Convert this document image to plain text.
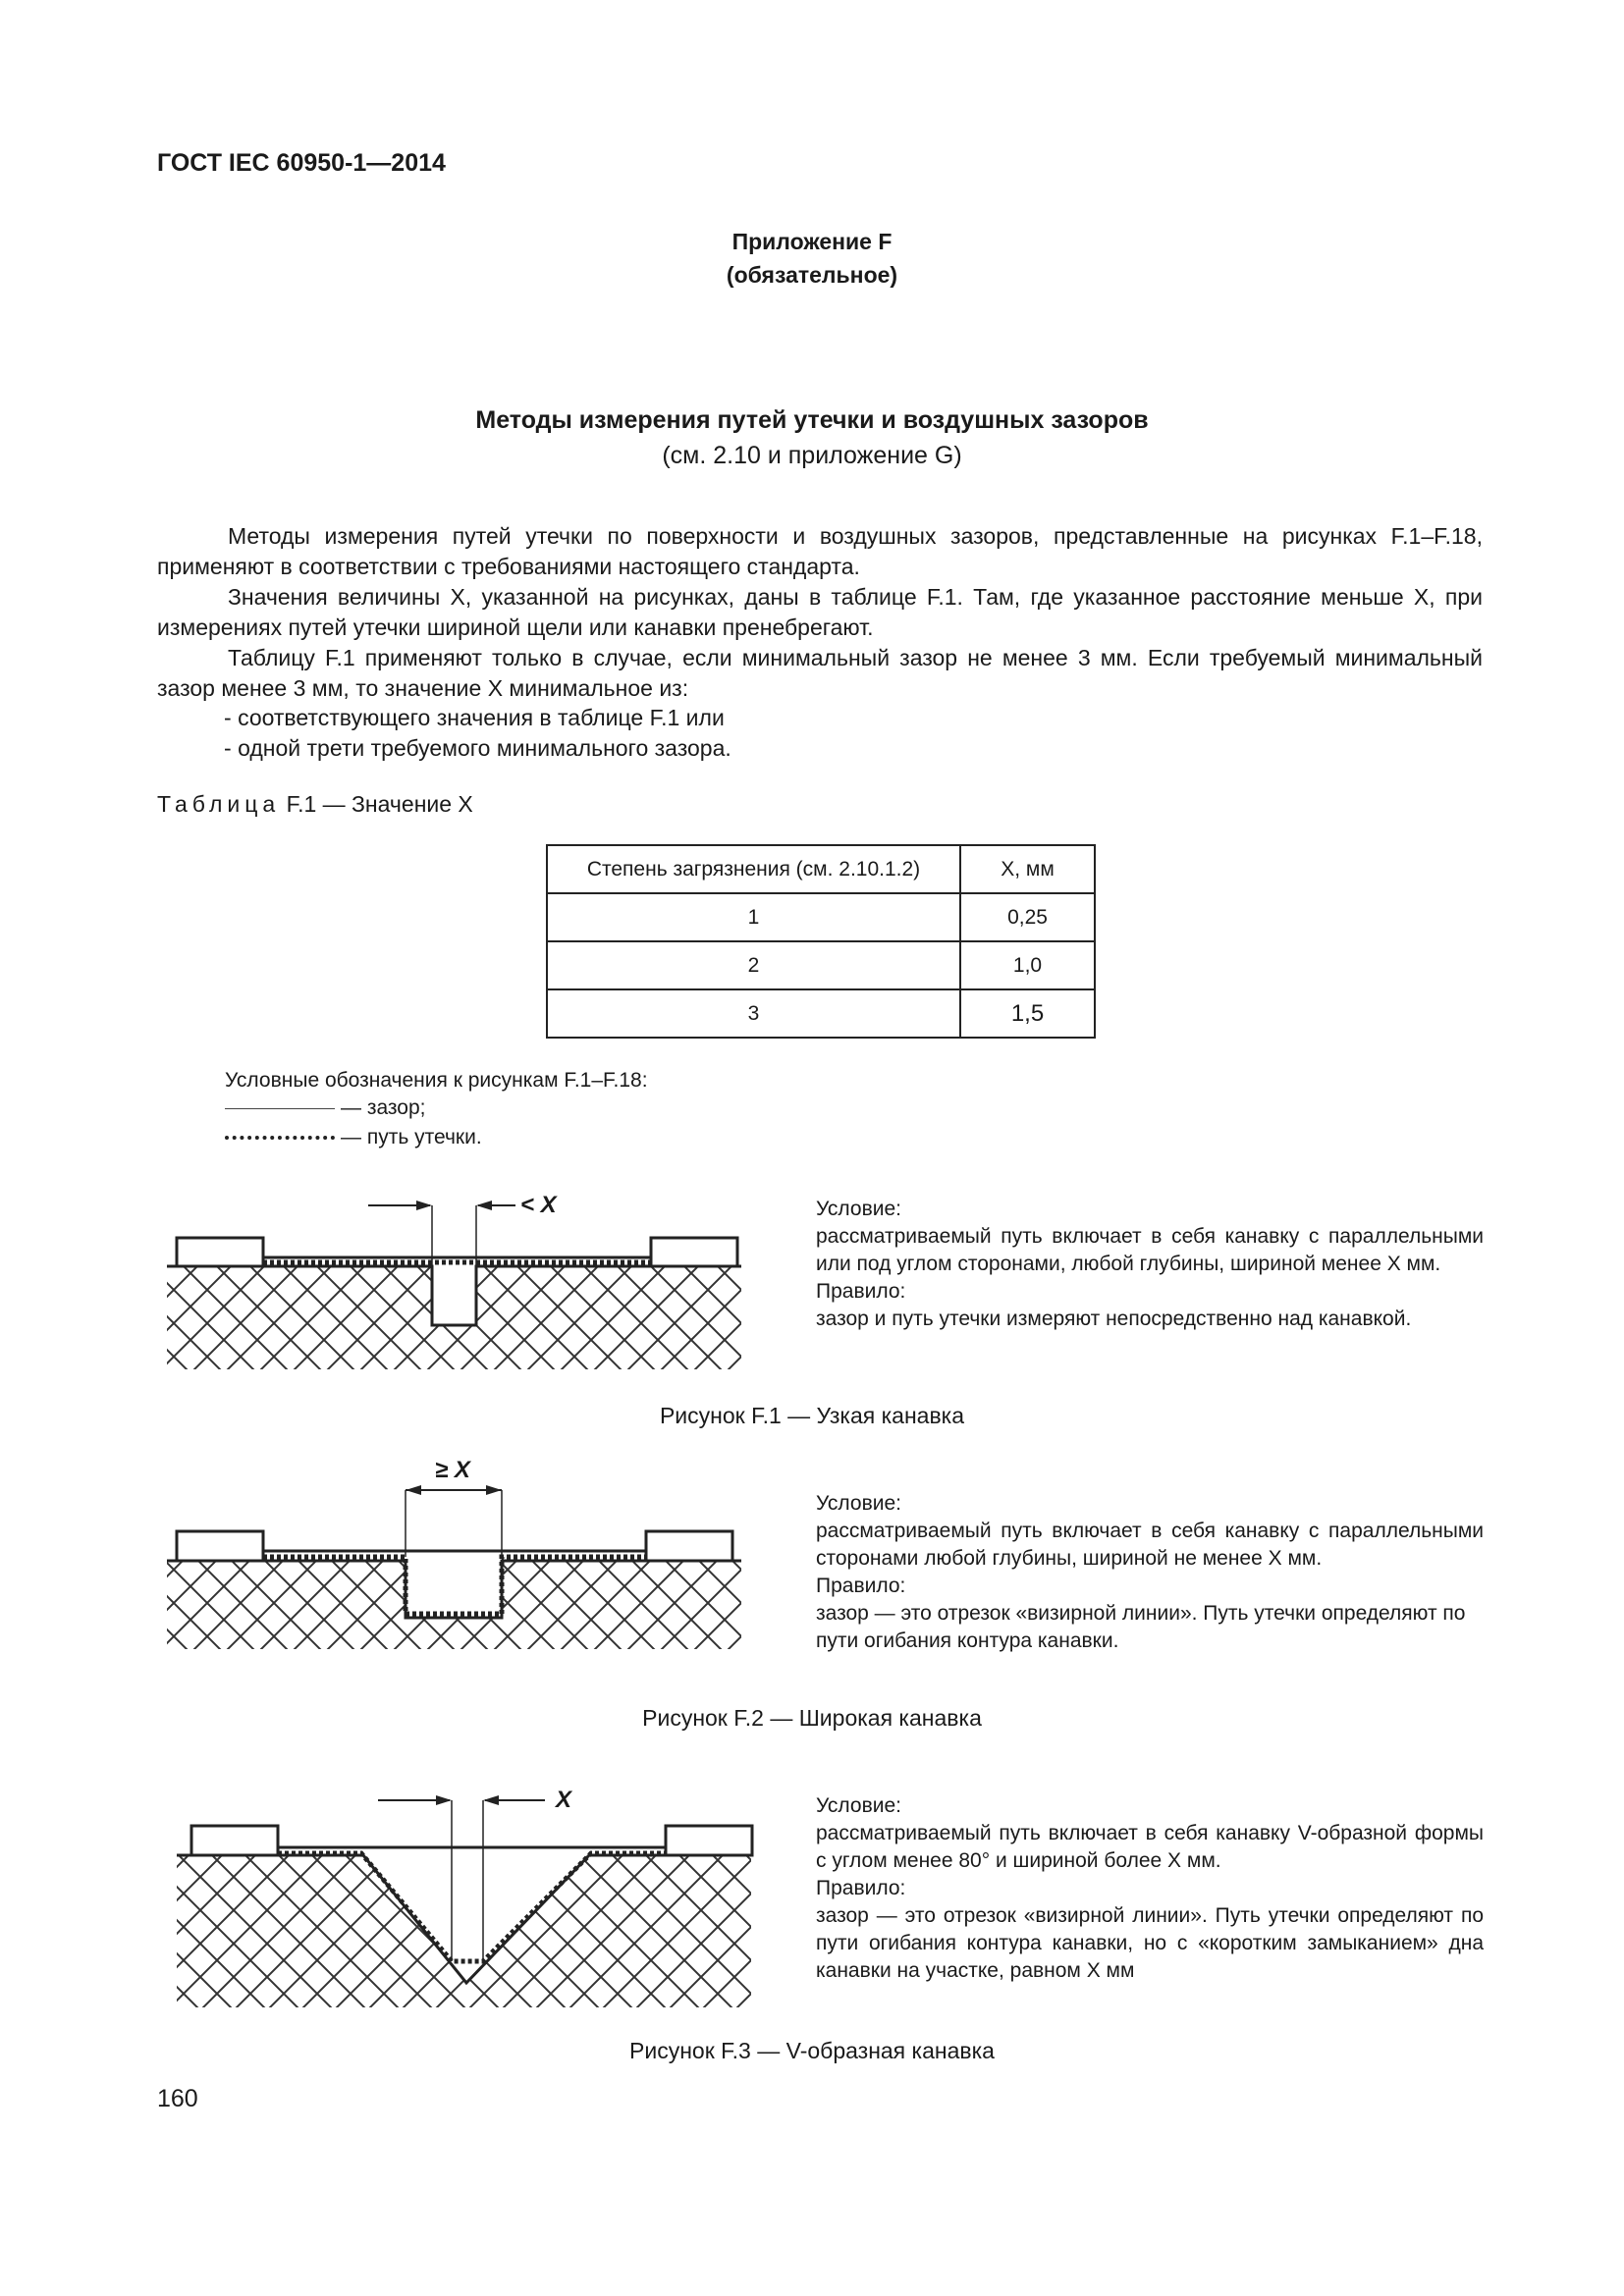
ГОСТ IEC 60950-1—2014
Приложение F
(обязательное)
Методы измерения путей утечки и воздушных зазоров
(см. 2.10 и приложение G)
Методы измерения путей утечки по поверхности и воздушных зазоров, представленные на рисунках F.1–F.18, применяют в соответствии с требованиями настоящего стандарта.
Значения величины X, указанной на рисунках, даны в таблице F.1. Там, где указанное расстояние меньше X, при измерениях путей утечки шириной щели или канавки пренебрегают.
Таблицу F.1 применяют только в случае, если минимальный зазор не менее 3 мм. Если требуемый минимальный зазор менее 3 мм, то значение X минимальное из:
- соответствующего значения в таблице F.1 или
- одной трети требуемого минимального зазора.
Таблица F.1 — Значение X
Степень загрязнения (см. 2.10.1.2)	X, мм
1	0,25
2	1,0
3	1,5
Условные обозначения к рисункам F.1–F.18:
— зазор;
— путь утечки.
< X	Условие:
рассматриваемый путь включает в себя канавку с параллельными или под углом сторонами, любой глубины, шириной менее X мм.
Правило:
зазор и путь утечки измеряют непосредственно над канавкой.
Рисунок F.1 — Узкая канавка
≥ X
Условие:
рассматриваемый путь включает в себя канавку с параллельными сторонами любой глубины, шириной не менее X мм.
Правило:
зазор — это отрезок «визирной линии». Путь утечки определяют по пути огибания контура канавки.
Рисунок F.2 — Широкая канавка
X	Условие:
рассматриваемый путь включает в себя канавку V-образной формы с углом менее 80° и шириной более X мм.
Правило:
зазор — это отрезок «визирной линии». Путь утечки определяют по пути огибания контура канавки, но с «коротким замыканием» дна канавки на участке, равном X мм
Рисунок F.3 — V-образная канавка
160
